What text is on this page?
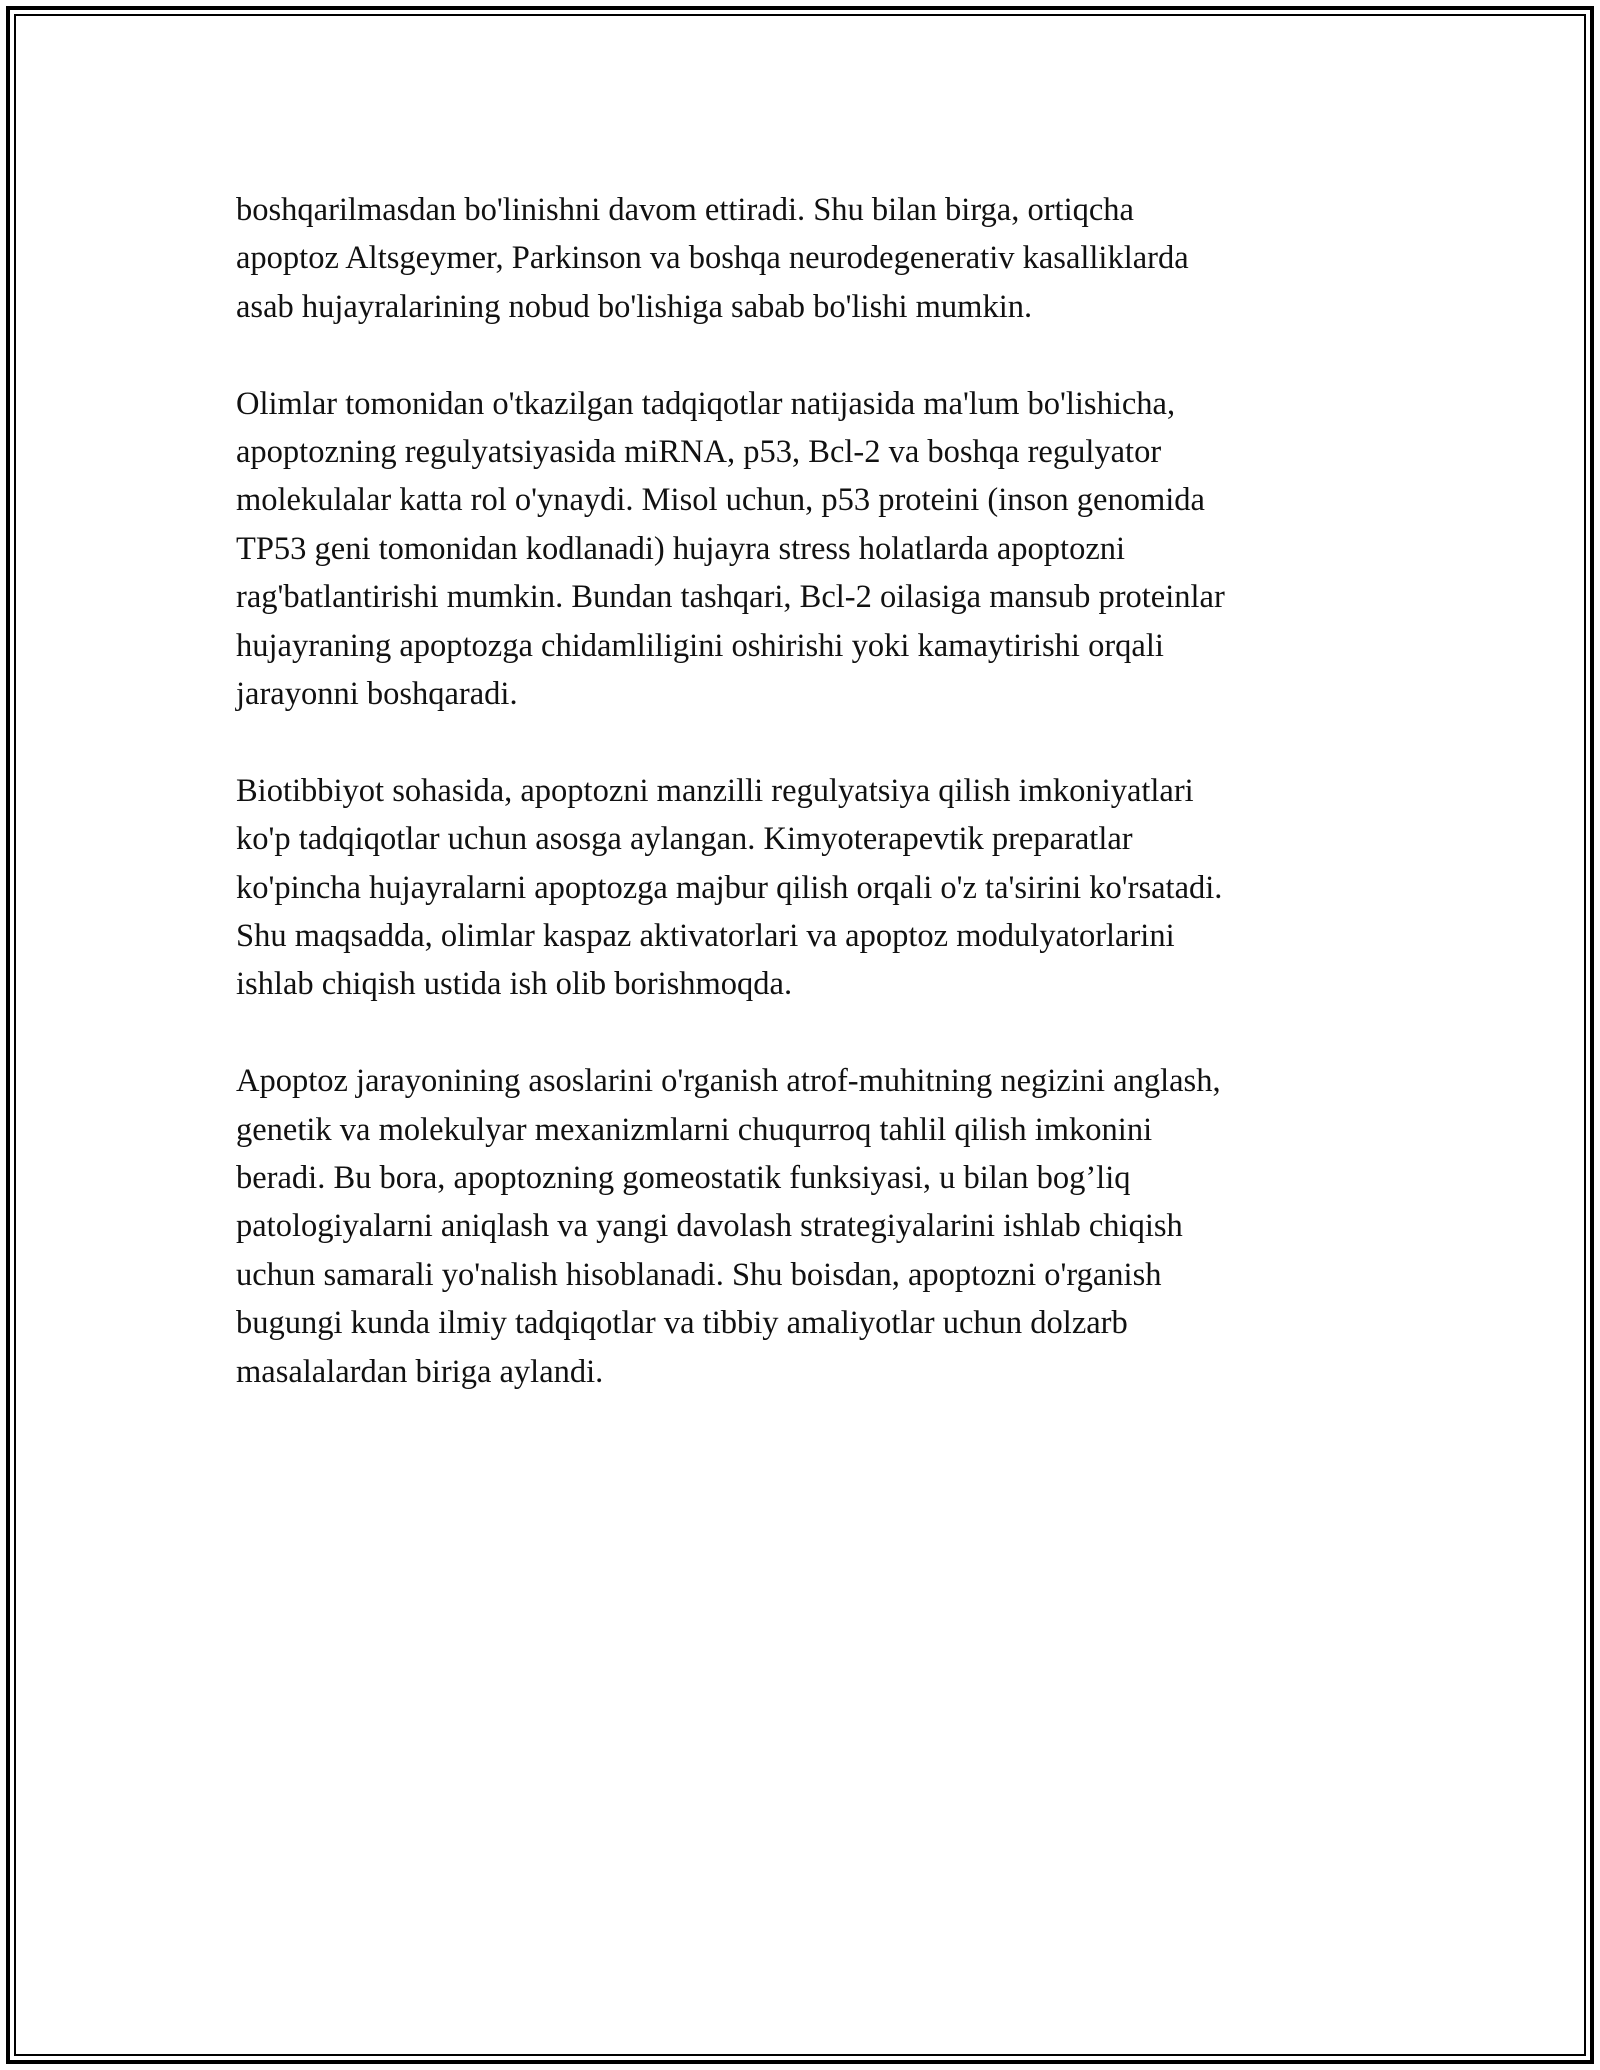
boshqarilmasdan bo'linishni davom ettiradi. Shu bilan birga, ortiqcha
apoptoz Altsgeymer, Parkinson va boshqa neurodegenerativ kasalliklarda
asab hujayralarining nobud bo'lishiga sabab bo'lishi mumkin.

Olimlar tomonidan o'tkazilgan tadqiqotlar natijasida ma'lum bo'lishicha,
apoptozning regulyatsiyasida miRNA, p53, Bcl-2 va boshqa regulyator
molekulalar katta rol o'ynaydi. Misol uchun, p53 proteini (inson genomida
TP53 geni tomonidan kodlanadi) hujayra stress holatlarda apoptozni
rag'batlantirishi mumkin. Bundan tashqari, Bcl-2 oilasiga mansub proteinlar
hujayraning apoptozga chidamliligini oshirishi yoki kamaytirishi orqali
jarayonni boshqaradi.

Biotibbiyot sohasida, apoptozni manzilli regulyatsiya qilish imkoniyatlari
ko'p tadqiqotlar uchun asosga aylangan. Kimyoterapevtik preparatlar
ko'pincha hujayralarni apoptozga majbur qilish orqali o'z ta'sirini ko'rsatadi.
Shu maqsadda, olimlar kaspaz aktivatorlari va apoptoz modulyatorlarini
ishlab chiqish ustida ish olib borishmoqda.

Apoptoz jarayonining asoslarini o'rganish atrof-muhitning negizini anglash,
genetik va molekulyar mexanizmlarni chuqurroq tahlil qilish imkonini
beradi. Bu bora, apoptozning gomeostatik funksiyasi, u bilan bog’liq
patologiyalarni aniqlash va yangi davolash strategiyalarini ishlab chiqish
uchun samarali yo'nalish hisoblanadi. Shu boisdan, apoptozni o'rganish
bugungi kunda ilmiy tadqiqotlar va tibbiy amaliyotlar uchun dolzarb
masalalardan biriga aylandi.
